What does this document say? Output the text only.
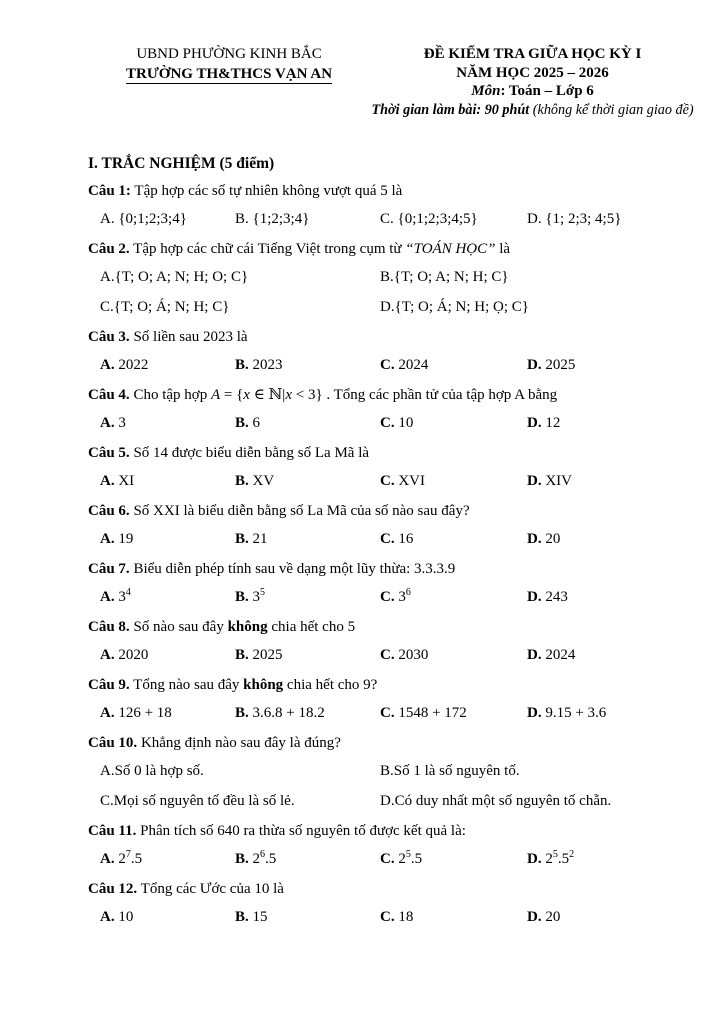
UBND PHƯỜNG KINH BẮC
TRƯỜNG TH&THCS VẠN AN
ĐỀ KIỂM TRA GIỮA HỌC KỲ I
NĂM HỌC 2025 – 2026
Môn: Toán – Lớp 6
Thời gian làm bài: 90 phút (không kể thời gian giao đề)
I. TRẮC NGHIỆM (5 điểm)
Câu 1: Tập hợp các số tự nhiên không vượt quá 5 là
A. {0;1;2;3;4}	B. {1;2;3;4}	C. {0;1;2;3;4;5}	D. {1; 2;3; 4;5}
Câu 2. Tập hợp các chữ cái Tiếng Việt trong cụm từ “TOÁN HỌC” là
A.{T; O; A; N; H; O; C}	B.{T; O; A; N; H; C}
C.{T; O; Á; N; H; C}	D.{T; O; Á; N; H; Ọ; C}
Câu 3. Số liền sau 2023 là
A. 2022	B. 2023	C. 2024	D. 2025
Câu 4. Cho tập hợp A = {x ∈ ℕ|x < 3} . Tổng các phần tử của tập hợp A bằng
A. 3	B. 6	C. 10	D. 12
Câu 5. Số 14 được biểu diễn bằng số La Mã là
A. XI	B. XV	C. XVI	D. XIV
Câu 6. Số XXI là biểu diễn bằng số La Mã của số nào sau đây?
A. 19	B. 21	C. 16	D. 20
Câu 7. Biểu diễn phép tính sau về dạng một lũy thừa: 3.3.3.9
A. $3^4$	B. $3^5$	C. $3^6$	D. 243
Câu 8. Số nào sau đây không chia hết cho 5
A. 2020	B. 2025	C. 2030	D. 2024
Câu 9. Tổng nào sau đây không chia hết cho 9?
A. 126 + 18	B. 3.6.8 + 18.2	C. 1548 + 172	D. 9.15 + 3.6
Câu 10. Khẳng định nào sau đây là đúng?
A.Số 0 là hợp số.	B.Số 1 là số nguyên tố.
C.Mọi số nguyên tố đều là số lẻ.	D.Có duy nhất một số nguyên tố chẵn.
Câu 11. Phân tích số 640 ra thừa số nguyên tố được kết quả là:
A. $2^7.5$	B. $2^6.5$	C. $2^5.5$	D. $2^5.5^2$
Câu 12. Tổng các Ước của 10 là
A. 10	B. 15	C. 18	D. 20
